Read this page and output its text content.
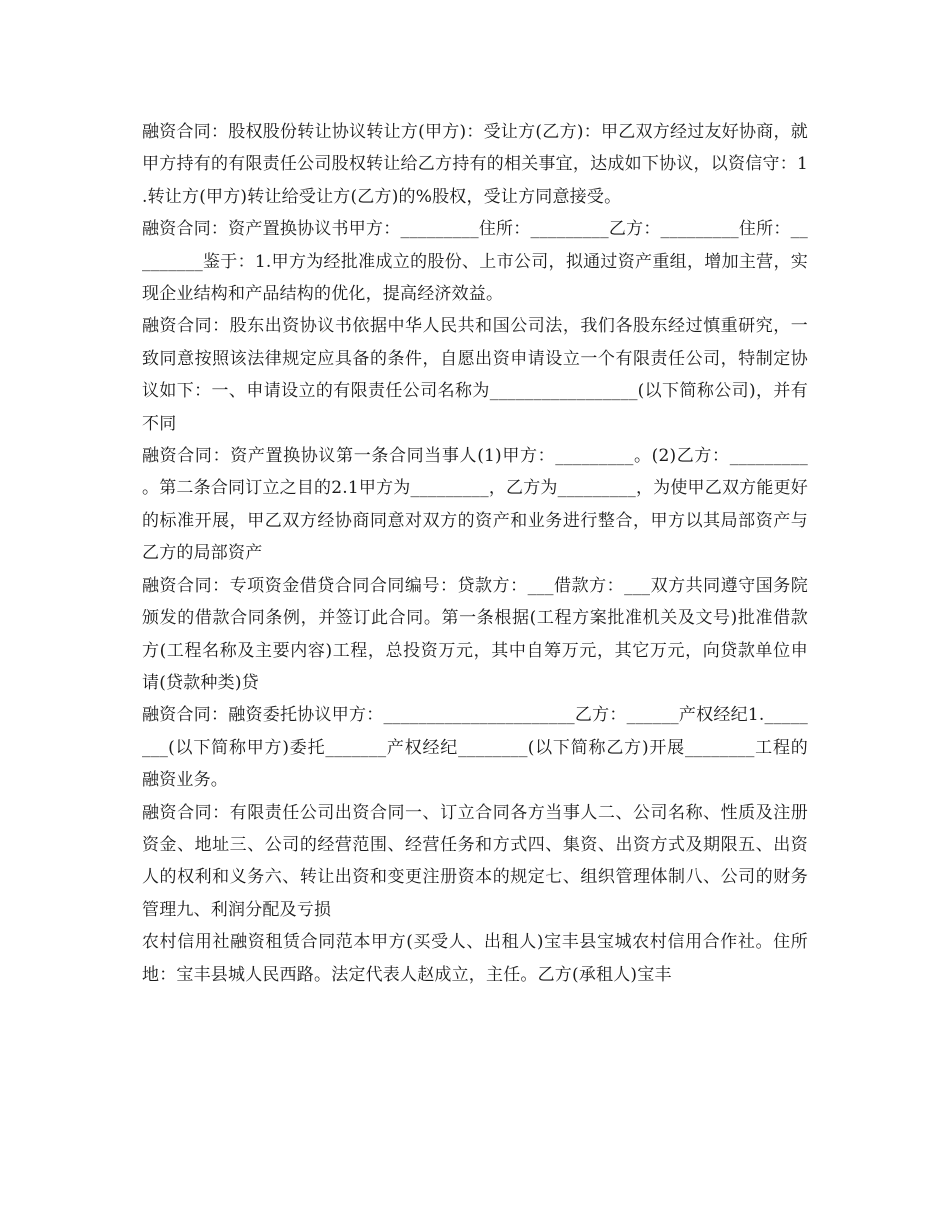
融资合同：股权股份转让协议转让方(甲方)：受让方(乙方)：甲乙双方经过友好协商，就甲方持有的有限责任公司股权转让给乙方持有的相关事宜，达成如下协议，以资信守：1.转让方(甲方)转让给受让方(乙方)的%股权，受让方同意接受。

融资合同：资产置换协议书甲方：_________住所：_________乙方：_________住所：_________鉴于：1.甲方为经批准成立的股份、上市公司，拟通过资产重组，增加主营，实现企业结构和产品结构的优化，提高经济效益。

融资合同：股东出资协议书依据中华人民共和国公司法，我们各股东经过慎重研究，一致同意按照该法律规定应具备的条件，自愿出资申请设立一个有限责任公司，特制定协议如下：一、申请设立的有限责任公司名称为_________________(以下简称公司)，并有不同

融资合同：资产置换协议第一条合同当事人(1)甲方：_________。(2)乙方：_________。第二条合同订立之目的2.1甲方为_________，乙方为_________，为使甲乙双方能更好的标准开展，甲乙双方经协商同意对双方的资产和业务进行整合，甲方以其局部资产与乙方的局部资产

融资合同：专项资金借贷合同合同编号：贷款方：___借款方：___双方共同遵守国务院颁发的借款合同条例，并签订此合同。第一条根据(工程方案批准机关及文号)批准借款方(工程名称及主要内容)工程，总投资万元，其中自筹万元，其它万元，向贷款单位申请(贷款种类)贷

融资合同：融资委托协议甲方：______________________乙方：______产权经纪1.________(以下简称甲方)委托_______产权经纪________(以下简称乙方)开展________工程的融资业务。

融资合同：有限责任公司出资合同一、订立合同各方当事人二、公司名称、性质及注册资金、地址三、公司的经营范围、经营任务和方式四、集资、出资方式及期限五、出资人的权利和义务六、转让出资和变更注册资本的规定七、组织管理体制八、公司的财务管理九、利润分配及亏损

农村信用社融资租赁合同范本甲方(买受人、出租人)宝丰县宝城农村信用合作社。住所地：宝丰县城人民西路。法定代表人赵成立，主任。乙方(承租人)宝丰
